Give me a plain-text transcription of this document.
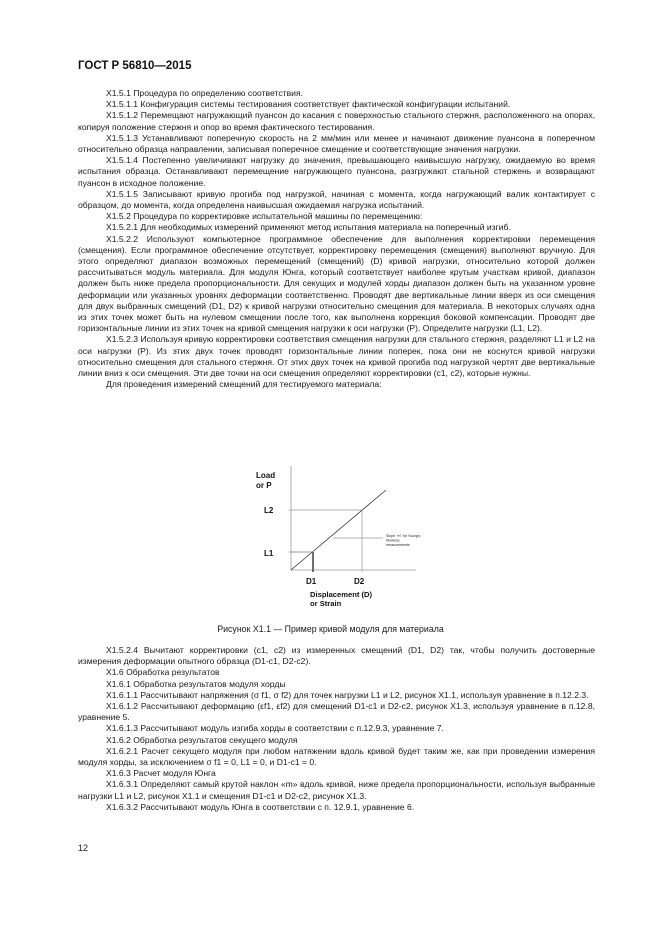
ГОСТ Р 56810—2015

X1.5.1 Процедура по определению соответствия.

X1.5.1.1 Конфигурация системы тестирования соответствует фактической конфигурации испытаний.

X1.5.1.2 Перемещают нагружающий пуансон до касания с поверхностью стального стержня, расположенного на опорах, копируя положение стержня и опор во время фактического тестирования.

X1.5.1.3 Устанавливают поперечную скорость на 2 мм/мин или менее и начинают движение пуансона в поперечном относительно образца направлении, записывая поперечное смещение и соответствующие значения нагрузки.

X1.5.1.4 Постепенно увеличивают нагрузку до значения, превышающего наивысшую нагрузку, ожидаемую во время испытания образца. Останавливают перемещение нагружающего пуансона, разгружают стальной стержень и возвращают пуансон в исходное положение.

X1.5.1.5 Записывают кривую прогиба под нагрузкой, начиная с момента, когда нагружающий валик контактирует с образцом, до момента, когда определена наивысшая ожидаемая нагрузка испытаний.

X1.5.2 Процедура по корректировке испытательной машины по перемещению:

X1.5.2.1 Для необходимых измерений применяют метод испытания материала на поперечный изгиб.

X1.5.2.2 Используют компьютерное программное обеспечение для выполнения корректировки перемещения (смещения). Если программное обеспечение отсутствует, корректировку перемещения (смещения) выполняют вручную. Для этого определяют диапазон возможных перемещений (смещений) (D) кривой нагрузки, относительно которой должен рассчитываться модуль материала. Для модуля Юнга, который соответствует наиболее крутым участкам кривой, диапазон должен быть ниже предела пропорциональности. Для секущих и модулей хорды диапазон должен быть на указанном уровне деформации или указанных уровнях деформации соответственно. Проводят две вертикальные линии вверх из оси смещения для двух выбранных смещений (D1, D2) к кривой нагрузки относительно смещения для материала. В некоторых случаях одна из этих точек может быть на нулевом смещении после того, как выполнена коррекция боковой компенсации. Проводят две горизонтальные линии из этих точек на кривой смещения нагрузки к оси нагрузки (P). Определите нагрузки (L1, L2).

X1.5.2.3 Используя кривую корректировки соответствия смещения нагрузки для стального стержня, разделяют L1 и L2 на оси нагрузки (P). Из этих двух точек проводят горизонтальные линии поперек, пока они не коснутся кривой нагрузки относительно смещения для стального стержня. От этих двух точек на кривой прогиба под нагрузкой чертят две вертикальные линии вниз к оси смещения. Эти две точки на оси смещения определяют корректировки (c1, c2), которые нужны.

Для проведения измерений смещений для тестируемого материала:

Load
or P
L2
L1
D1	D2
Displacement (D)
or Strain
Slope "m" for Young's
Modulus
measurements
Рисунок X1.1 — Пример кривой модуля для материала

X1.5.2.4 Вычитают корректировки (c1, c2) из измеренных смещений (D1, D2) так, чтобы получить достоверные измерения деформации опытного образца (D1-c1, D2-c2).

X1.6 Обработка результатов

X1.6.1 Обработка результатов модуля хорды

X1.6.1.1 Рассчитывают напряжения (σ f1, σ f2) для точек нагрузки L1 и L2, рисунок X1.1, используя уравнение в п.12.2.3.

X1.6.1.2 Рассчитывают деформацию (εf1, εf2) для смещений D1-c1 и D2-c2, рисунок X1.3, используя уравнение в п.12.8, уравнение 5.

X1.6.1.3 Рассчитывают модуль изгиба хорды в соответствии с п.12.9.3, уравнение 7.

X1.6.2 Обработка результатов секущего модуля

X1.6.2.1 Расчет секущего модуля при любом натяжении вдоль кривой будет таким же, как при проведении измерения модуля хорды, за исключением σ f1 = 0, L1 = 0, и D1-c1 = 0.

X1.6.3 Расчет модуля Юнга

X1.6.3.1 Определяют самый крутой наклон «m» вдоль кривой, ниже предела пропорциональности, используя выбранные нагрузки L1 и L2, рисунок X1.1 и смещения D1-c1 и D2-c2, рисунок X1.3.

X1.6.3.2 Рассчитывают модуль Юнга в соответствии с п. 12.9.1, уравнение 6.

12
